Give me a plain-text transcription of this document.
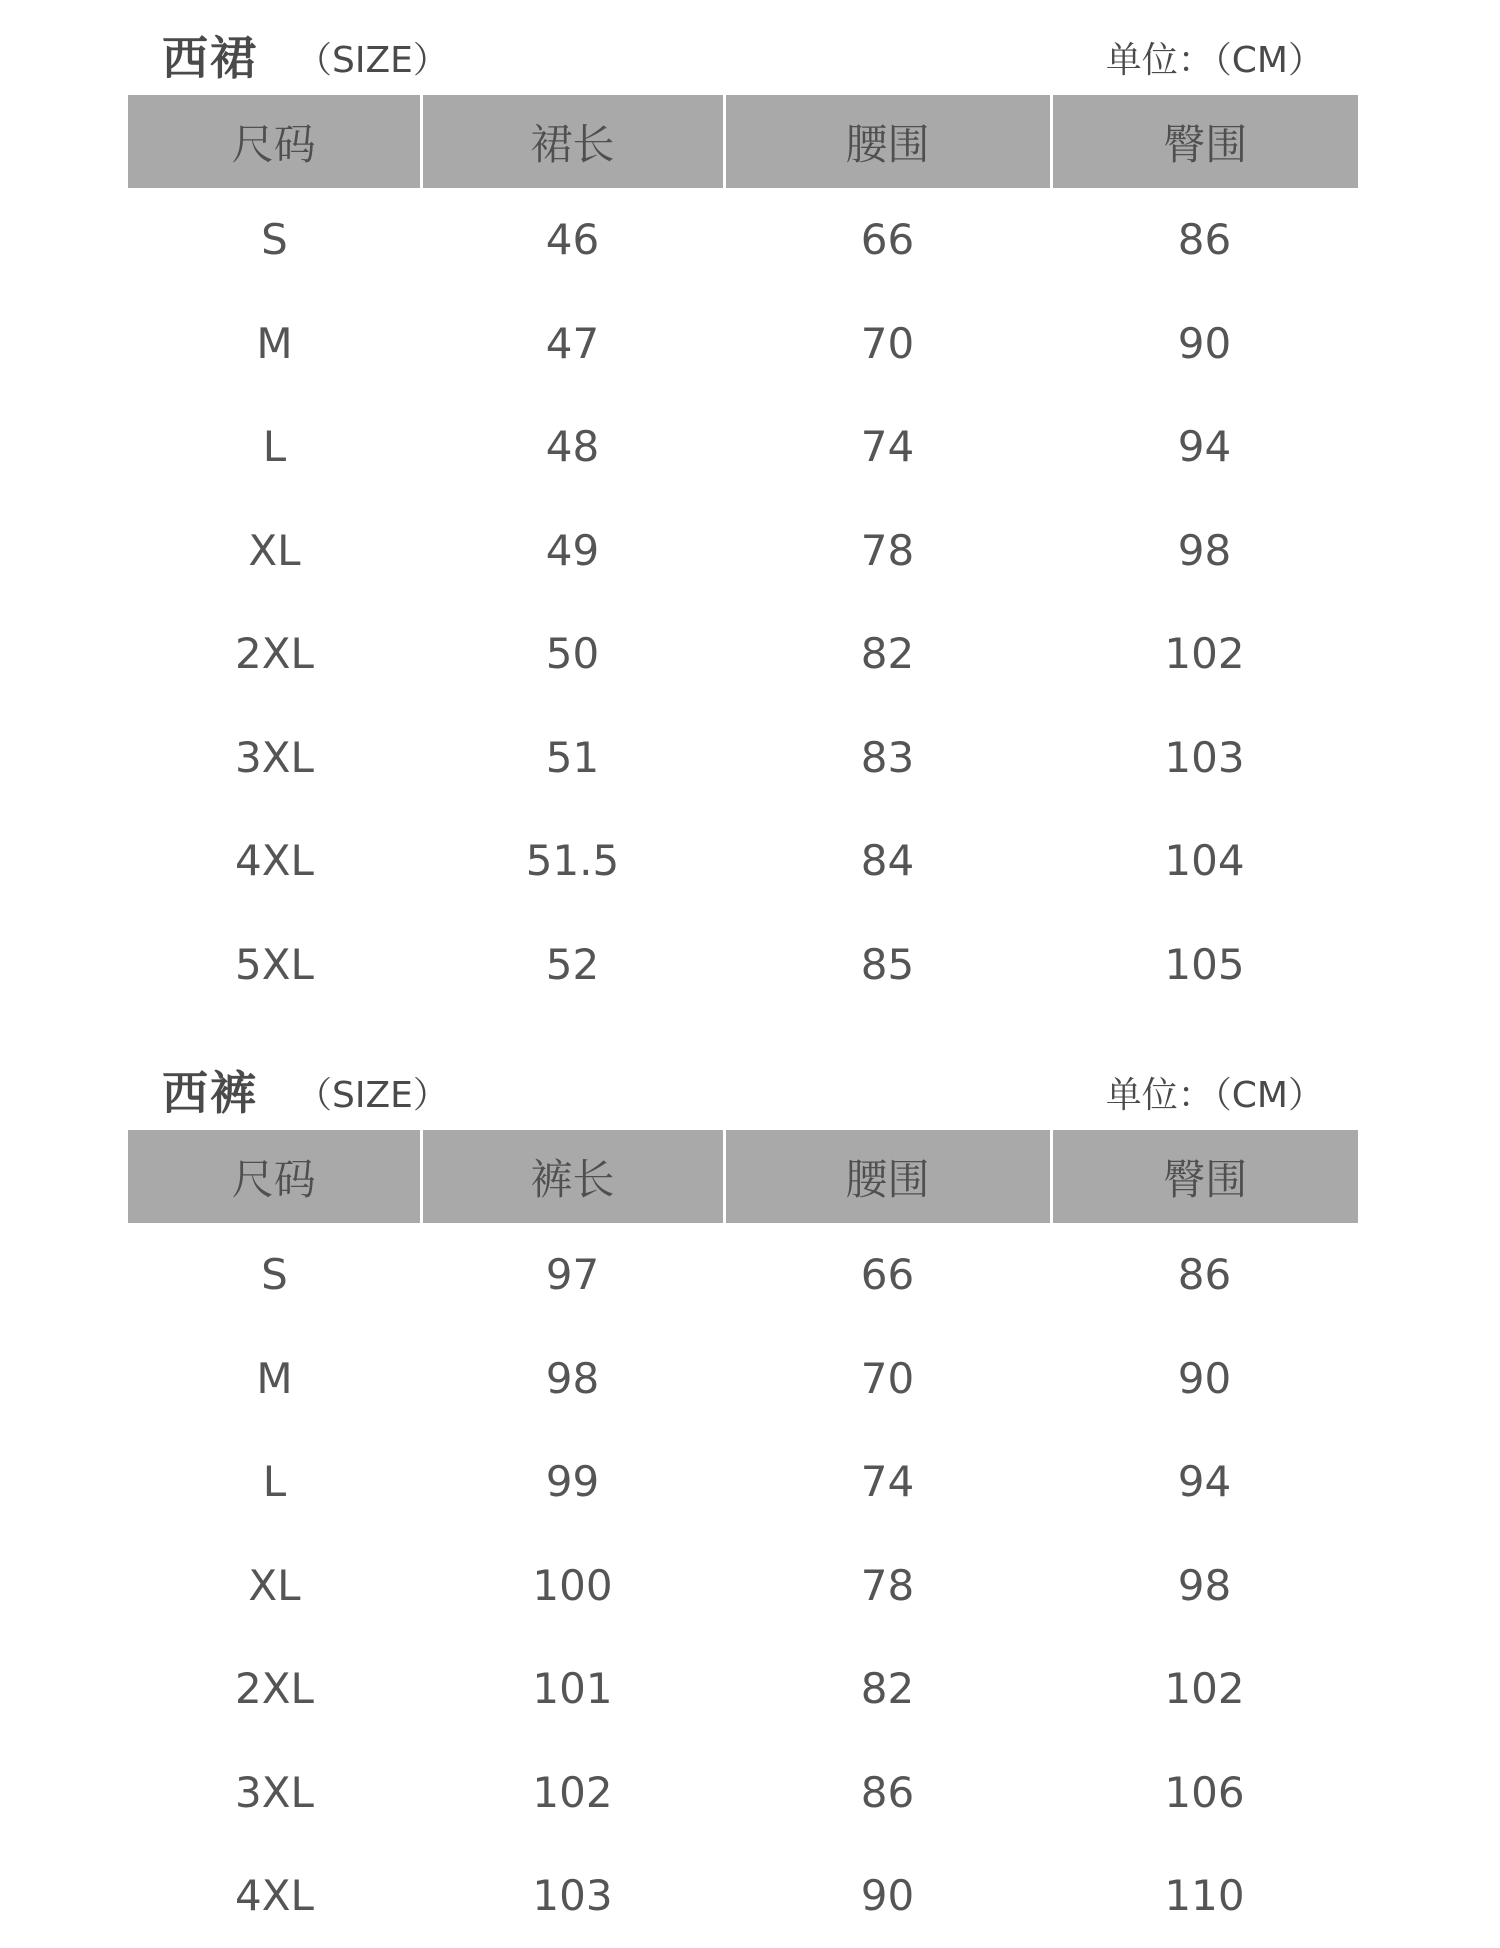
西裙 （SIZE）	单位：（CM）
尺码	裙长	腰围	臀围
S	46	66	86
M	47	70	90
L	48	74	94
XL	49	78	98
2XL	50	82	102
3XL	51	83	103
4XL	51.5	84	104
5XL	52	85	105
西裤 （SIZE）	单位：（CM）
尺码	裤长	腰围	臀围
S	97	66	86
M	98	70	90
L	99	74	94
XL	100	78	98
2XL	101	82	102
3XL	102	86	106
4XL	103	90	110
